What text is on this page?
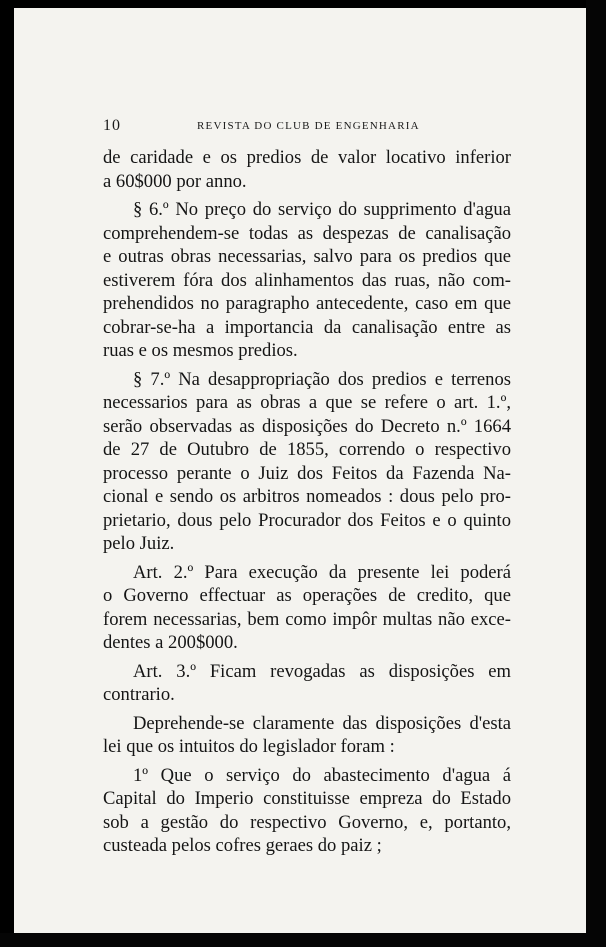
10	REVISTA DO CLUB DE ENGENHARIA
de caridade e os predios de valor locativo inferior
a 60$000 por anno.
§ 6.º No preço do serviço do supprimento d'agua
comprehendem-se todas as despezas de canalisação
e outras obras necessarias, salvo para os predios que
estiverem fóra dos alinhamentos das ruas, não com-
prehendidos no paragrapho antecedente, caso em que
cobrar-se-ha a importancia da canalisação entre as
ruas e os mesmos predios.
§ 7.º Na desappropriação dos predios e terrenos
necessarios para as obras a que se refere o art. 1.º,
serão observadas as disposições do Decreto n.º 1664
de 27 de Outubro de 1855, correndo o respectivo
processo perante o Juiz dos Feitos da Fazenda Na-
cional e sendo os arbitros nomeados : dous pelo pro-
prietario, dous pelo Procurador dos Feitos e o quinto
pelo Juiz.
Art. 2.º Para execução da presente lei poderá
o Governo effectuar as operações de credito, que
forem necessarias, bem como impôr multas não exce-
dentes a 200$000.
Art. 3.º Ficam revogadas as disposições em
contrario.
Deprehende-se claramente das disposições d'esta
lei que os intuitos do legislador foram :
1º Que o serviço do abastecimento d'agua á
Capital do Imperio constituisse empreza do Estado
sob a gestão do respectivo Governo, e, portanto,
custeada pelos cofres geraes do paiz ;
